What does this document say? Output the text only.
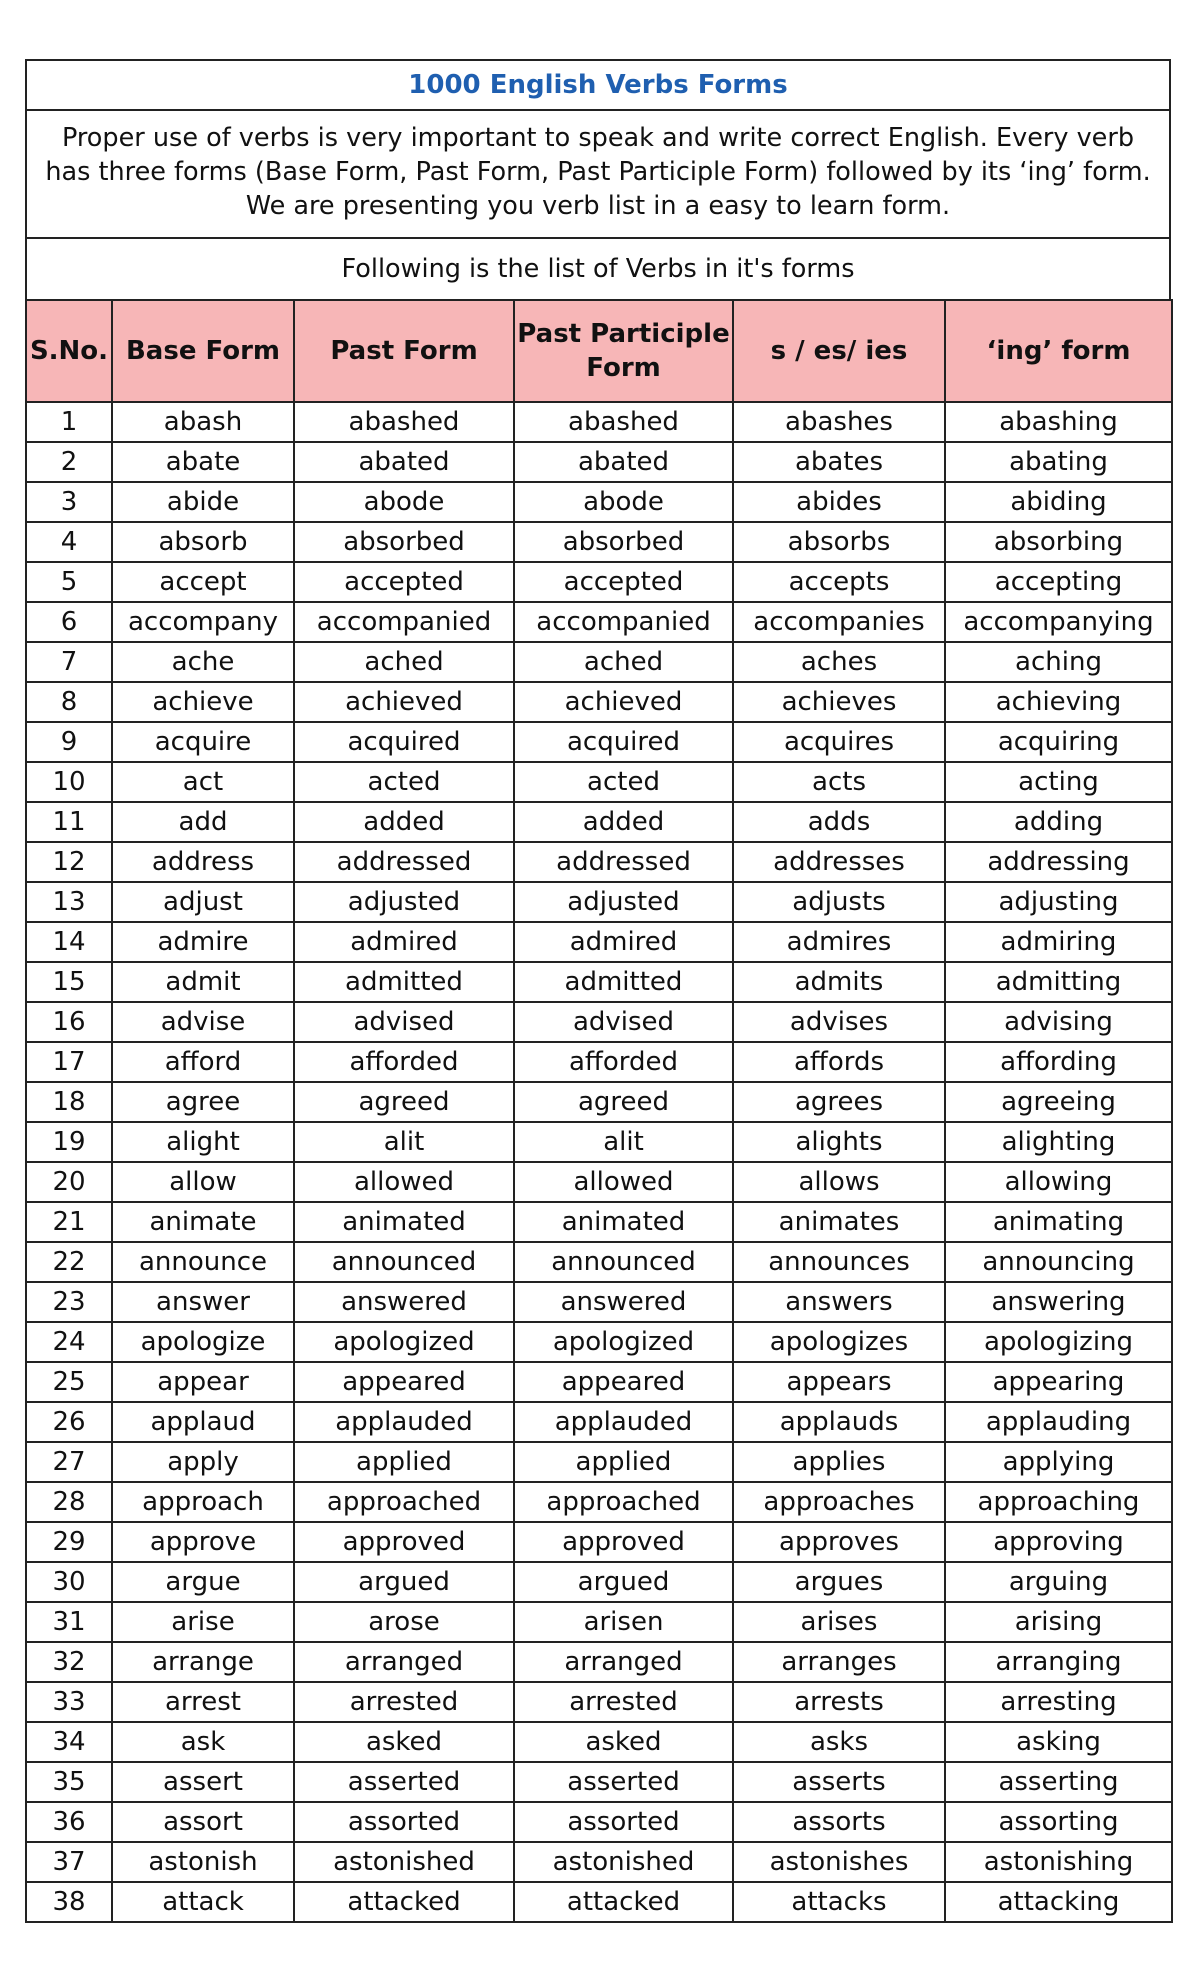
1000 English Verbs Forms
Proper use of verbs is very important to speak and write correct English. Every verb has three forms (Base Form, Past Form, Past Participle Form) followed by its ‘ing’ form. We are presenting you verb list in a easy to learn form.
Following is the list of Verbs in it's forms
S.No.	Base Form	Past Form	Past Participle Form	s / es/ ies	‘ing’ form
1	abash	abashed	abashed	abashes	abashing
2	abate	abated	abated	abates	abating
3	abide	abode	abode	abides	abiding
4	absorb	absorbed	absorbed	absorbs	absorbing
5	accept	accepted	accepted	accepts	accepting
6	accompany	accompanied	accompanied	accompanies	accompanying
7	ache	ached	ached	aches	aching
8	achieve	achieved	achieved	achieves	achieving
9	acquire	acquired	acquired	acquires	acquiring
10	act	acted	acted	acts	acting
11	add	added	added	adds	adding
12	address	addressed	addressed	addresses	addressing
13	adjust	adjusted	adjusted	adjusts	adjusting
14	admire	admired	admired	admires	admiring
15	admit	admitted	admitted	admits	admitting
16	advise	advised	advised	advises	advising
17	afford	afforded	afforded	affords	affording
18	agree	agreed	agreed	agrees	agreeing
19	alight	alit	alit	alights	alighting
20	allow	allowed	allowed	allows	allowing
21	animate	animated	animated	animates	animating
22	announce	announced	announced	announces	announcing
23	answer	answered	answered	answers	answering
24	apologize	apologized	apologized	apologizes	apologizing
25	appear	appeared	appeared	appears	appearing
26	applaud	applauded	applauded	applauds	applauding
27	apply	applied	applied	applies	applying
28	approach	approached	approached	approaches	approaching
29	approve	approved	approved	approves	approving
30	argue	argued	argued	argues	arguing
31	arise	arose	arisen	arises	arising
32	arrange	arranged	arranged	arranges	arranging
33	arrest	arrested	arrested	arrests	arresting
34	ask	asked	asked	asks	asking
35	assert	asserted	asserted	asserts	asserting
36	assort	assorted	assorted	assorts	assorting
37	astonish	astonished	astonished	astonishes	astonishing
38	attack	attacked	attacked	attacks	attacking
